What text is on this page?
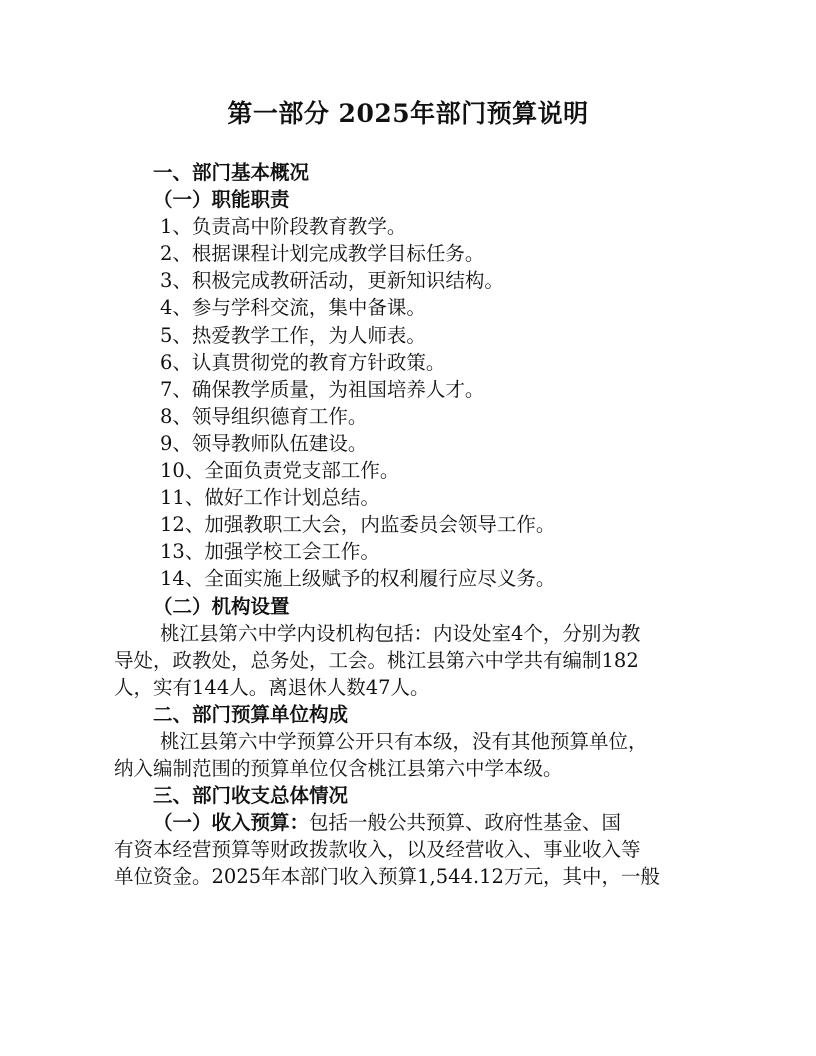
第一部分 2025年部门预算说明
一、部门基本概况
（一）职能职责
1、负责高中阶段教育教学。
2、根据课程计划完成教学目标任务。
3、积极完成教研活动，更新知识结构。
4、参与学科交流，集中备课。
5、热爱教学工作，为人师表。
6、认真贯彻党的教育方针政策。
7、确保教学质量，为祖国培养人才。
8、领导组织德育工作。
9、领导教师队伍建设。
10、全面负责党支部工作。
11、做好工作计划总结。
12、加强教职工大会，内监委员会领导工作。
13、加强学校工会工作。
14、全面实施上级赋予的权利履行应尽义务。
（二）机构设置
桃江县第六中学内设机构包括：内设处室4个，分别为教
导处，政教处，总务处，工会。桃江县第六中学共有编制182
人，实有144人。离退休人数47人。
二、部门预算单位构成
桃江县第六中学预算公开只有本级，没有其他预算单位，
纳入编制范围的预算单位仅含桃江县第六中学本级。
三、部门收支总体情况
（一）收入预算：包括一般公共预算、政府性基金、国
有资本经营预算等财政拨款收入，以及经营收入、事业收入等
单位资金。2025年本部门收入预算1,544.12万元，其中，一般
